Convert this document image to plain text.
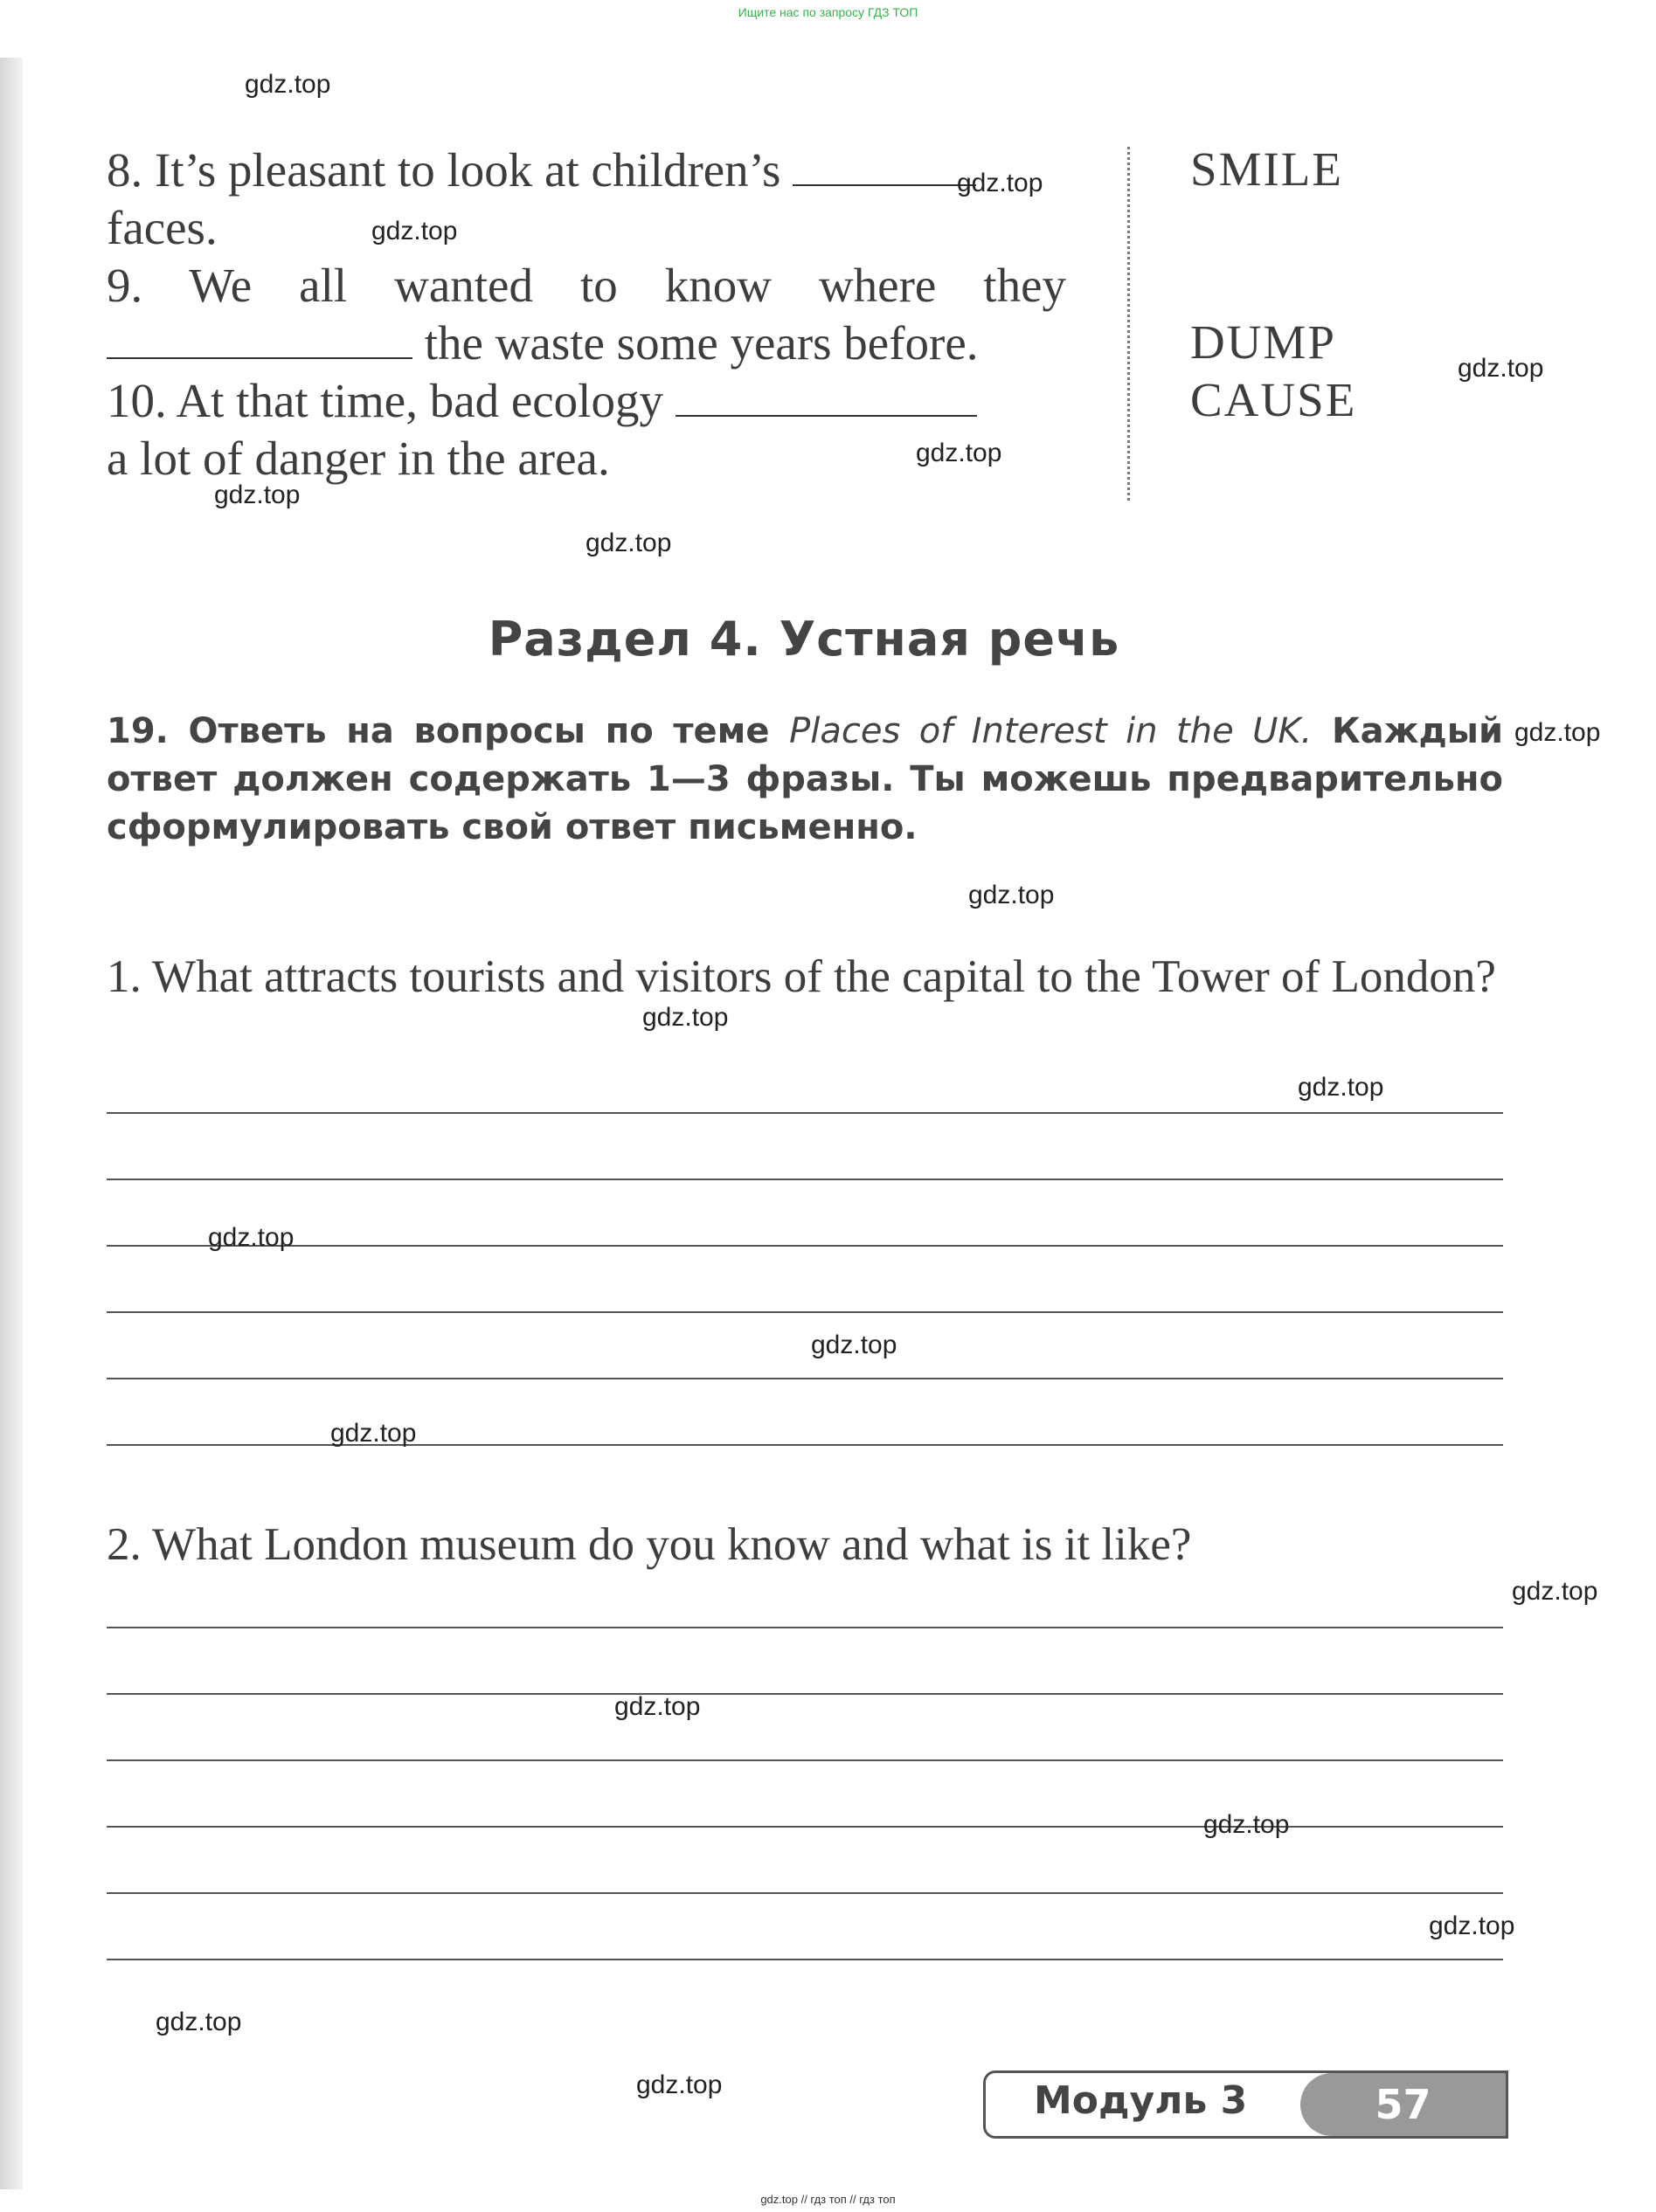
Ищите нас по запросу ГДЗ ТОП
8. It’s pleasant to look at children’s
faces.
9. We all wanted to know where they
the waste some years before.
10. At that time, bad ecology
a lot of danger in the area.
SMILE
DUMP
CAUSE
Раздел 4. Устная речь
19. Ответь на вопросы по теме Places of Interest in the UK. Каждый ответ должен содержать 1—3 фразы. Ты можешь предварительно сформулировать свой ответ письменно.
1. What attracts tourists and visitors of the capital to the Tower of London?
2. What London museum do you know and what is it like?
Модуль 3	57
gdz.top // гдз топ // гдз топ
gdz.top
gdz.top
gdz.top
gdz.top
gdz.top
gdz.top
gdz.top
gdz.top
gdz.top
gdz.top
gdz.top
gdz.top
gdz.top
gdz.top
gdz.top
gdz.top
gdz.top
gdz.top
gdz.top
gdz.top
